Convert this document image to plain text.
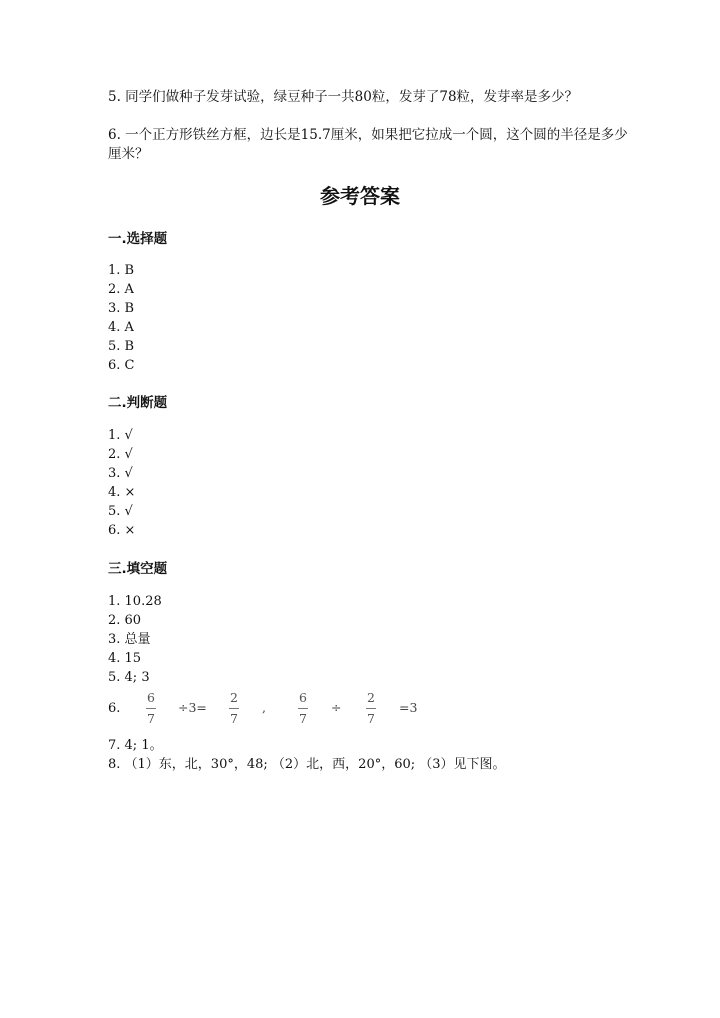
5. 同学们做种子发芽试验，绿豆种子一共80粒，发芽了78粒，发芽率是多少？
6. 一个正方形铁丝方框，边长是15.7厘米，如果把它拉成一个圆，这个圆的半径是多少厘米？
参考答案
一.选择题
1. B
2. A
3. B
4. A
5. B
6. C
二.判断题
1. √
2. √
3. √
4. ×
5. √
6. ×
三.填空题
1. 10.28
2. 60
3. 总量
4. 15
5. 4; 3
6.
6
7
÷3=
2
7
,
6
7
÷
2
7
=3
7. 4; 1。
8. （1）东，北，30°，48; （2）北，西，20°，60; （3）见下图。
